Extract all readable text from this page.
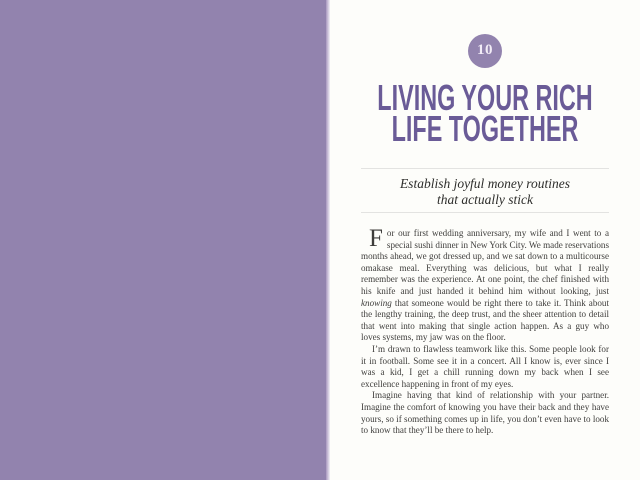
10
LIVING YOUR RICH
LIFE TOGETHER
Establish joyful money routines
that actually stick

For our first wedding anniversary, my wife and I went to a special sushi dinner in New York City. We made reservations months ahead, we got dressed up, and we sat down to a multicourse omakase meal. Everything was delicious, but what I really remember was the experience. At one point, the chef finished with his knife and just handed it behind him without looking, just knowing that someone would be right there to take it. Think about the lengthy training, the deep trust, and the sheer attention to detail that went into making that single action happen. As a guy who loves systems, my jaw was on the floor.

I’m drawn to flawless teamwork like this. Some people look for it in football. Some see it in a concert. All I know is, ever since I was a kid, I get a chill running down my back when I see excellence happening in front of my eyes.

Imagine having that kind of relationship with your partner. Imagine the comfort of knowing you have their back and they have yours, so if something comes up in life, you don’t even have to look to know that they’ll be there to help.
